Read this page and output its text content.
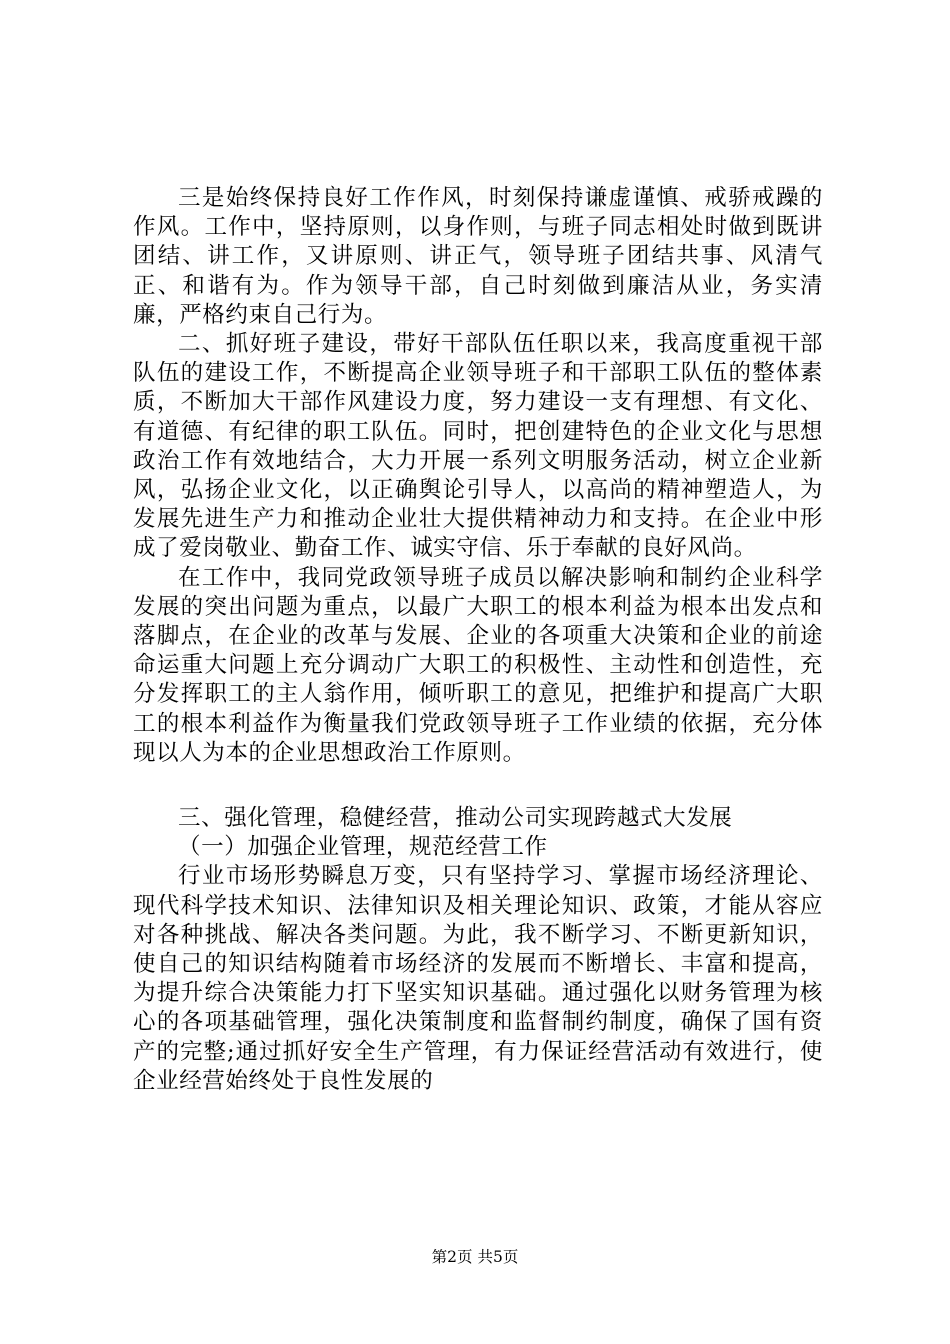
三是始终保持良好工作作风，时刻保持谦虚谨慎、戒骄戒躁的作风。工作中，坚持原则，以身作则，与班子同志相处时做到既讲团结、讲工作，又讲原则、讲正气，领导班子团结共事、风清气正、和谐有为。作为领导干部，自己时刻做到廉洁从业，务实清廉，严格约束自己行为。

二、抓好班子建设，带好干部队伍任职以来，我高度重视干部队伍的建设工作，不断提高企业领导班子和干部职工队伍的整体素质，不断加大干部作风建设力度，努力建设一支有理想、有文化、有道德、有纪律的职工队伍。同时，把创建特色的企业文化与思想政治工作有效地结合，大力开展一系列文明服务活动，树立企业新风，弘扬企业文化，以正确舆论引导人，以高尚的精神塑造人，为发展先进生产力和推动企业壮大提供精神动力和支持。在企业中形成了爱岗敬业、勤奋工作、诚实守信、乐于奉献的良好风尚。

在工作中，我同党政领导班子成员以解决影响和制约企业科学发展的突出问题为重点，以最广大职工的根本利益为根本出发点和落脚点，在企业的改革与发展、企业的各项重大决策和企业的前途命运重大问题上充分调动广大职工的积极性、主动性和创造性，充分发挥职工的主人翁作用，倾听职工的意见，把维护和提高广大职工的根本利益作为衡量我们党政领导班子工作业绩的依据，充分体现以人为本的企业思想政治工作原则。

三、强化管理，稳健经营，推动公司实现跨越式大发展

（一）加强企业管理，规范经营工作

行业市场形势瞬息万变，只有坚持学习、掌握市场经济理论、现代科学技术知识、法律知识及相关理论知识、政策，才能从容应对各种挑战、解决各类问题。为此，我不断学习、不断更新知识，使自己的知识结构随着市场经济的发展而不断增长、丰富和提高，为提升综合决策能力打下坚实知识基础。通过强化以财务管理为核心的各项基础管理，强化决策制度和监督制约制度，确保了国有资产的完整;通过抓好安全生产管理，有力保证经营活动有效进行，使企业经营始终处于良性发展的

第2页 共5页
